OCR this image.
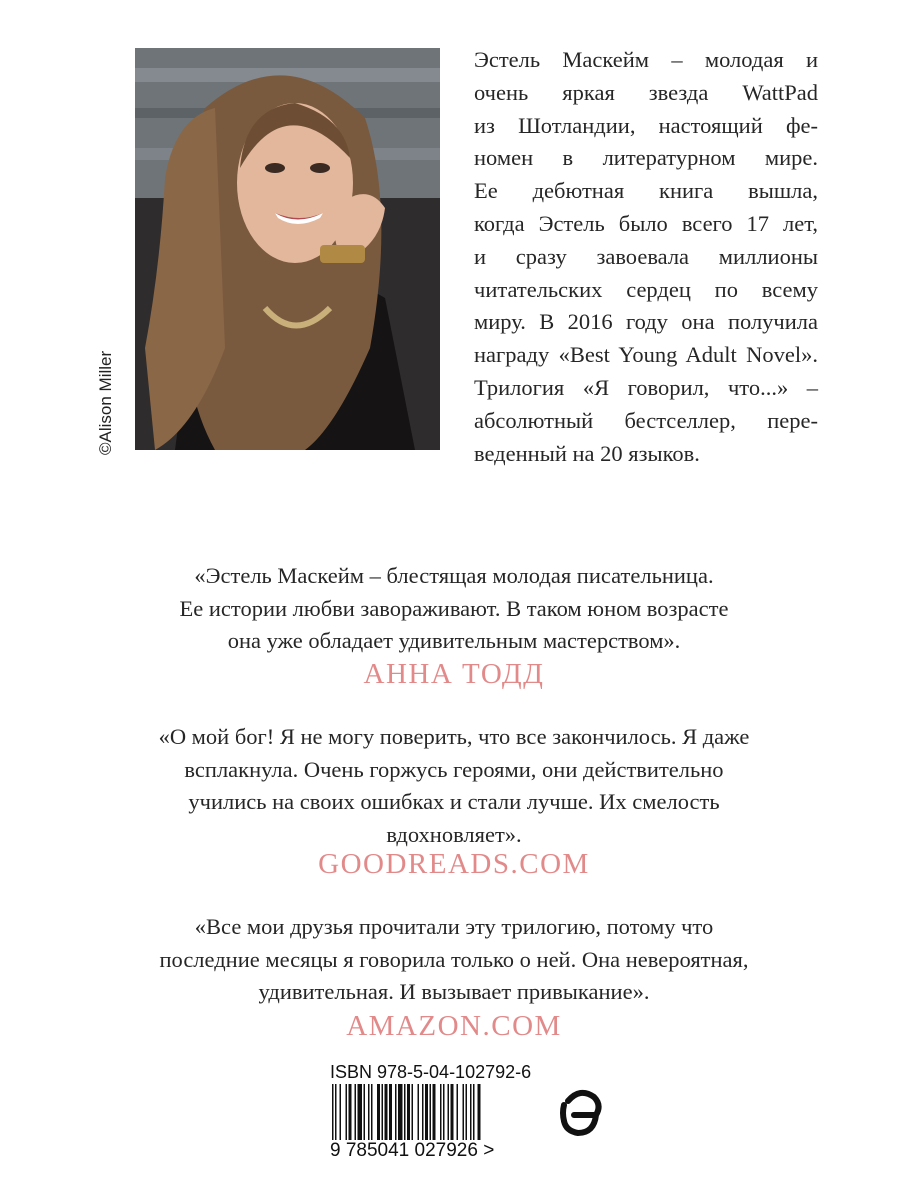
©Alison Miller
Эстель Маскейм – молодая и
очень яркая звезда WattPad
из Шотландии, настоящий фе-
номен в литературном мире.
Ее дебютная книга вышла,
когда Эстель было всего 17 лет,
и сразу завоевала миллионы
читательских сердец по всему
миру. В 2016 году она получила
награду «Best Young Adult Novel».
Трилогия «Я говорил, что...» –
абсолютный бестселлер, пере-
веденный на 20 языков.
«Эстель Маскейм – блестящая молодая писательница.
Ее истории любви завораживают. В таком юном возрасте
она уже обладает удивительным мастерством».
АННА ТОДД
«О мой бог! Я не могу поверить, что все закончилось. Я даже
всплакнула. Очень горжусь героями, они действительно
учились на своих ошибках и стали лучше. Их смелость
вдохновляет».
GOODREADS.COM
«Все мои друзья прочитали эту трилогию, потому что
последние месяцы я говорила только о ней. Она невероятная,
удивительная. И вызывает привыкание».
AMAZON.COM
ISBN 978-5-04-102792-6
9 785041 027926 >
